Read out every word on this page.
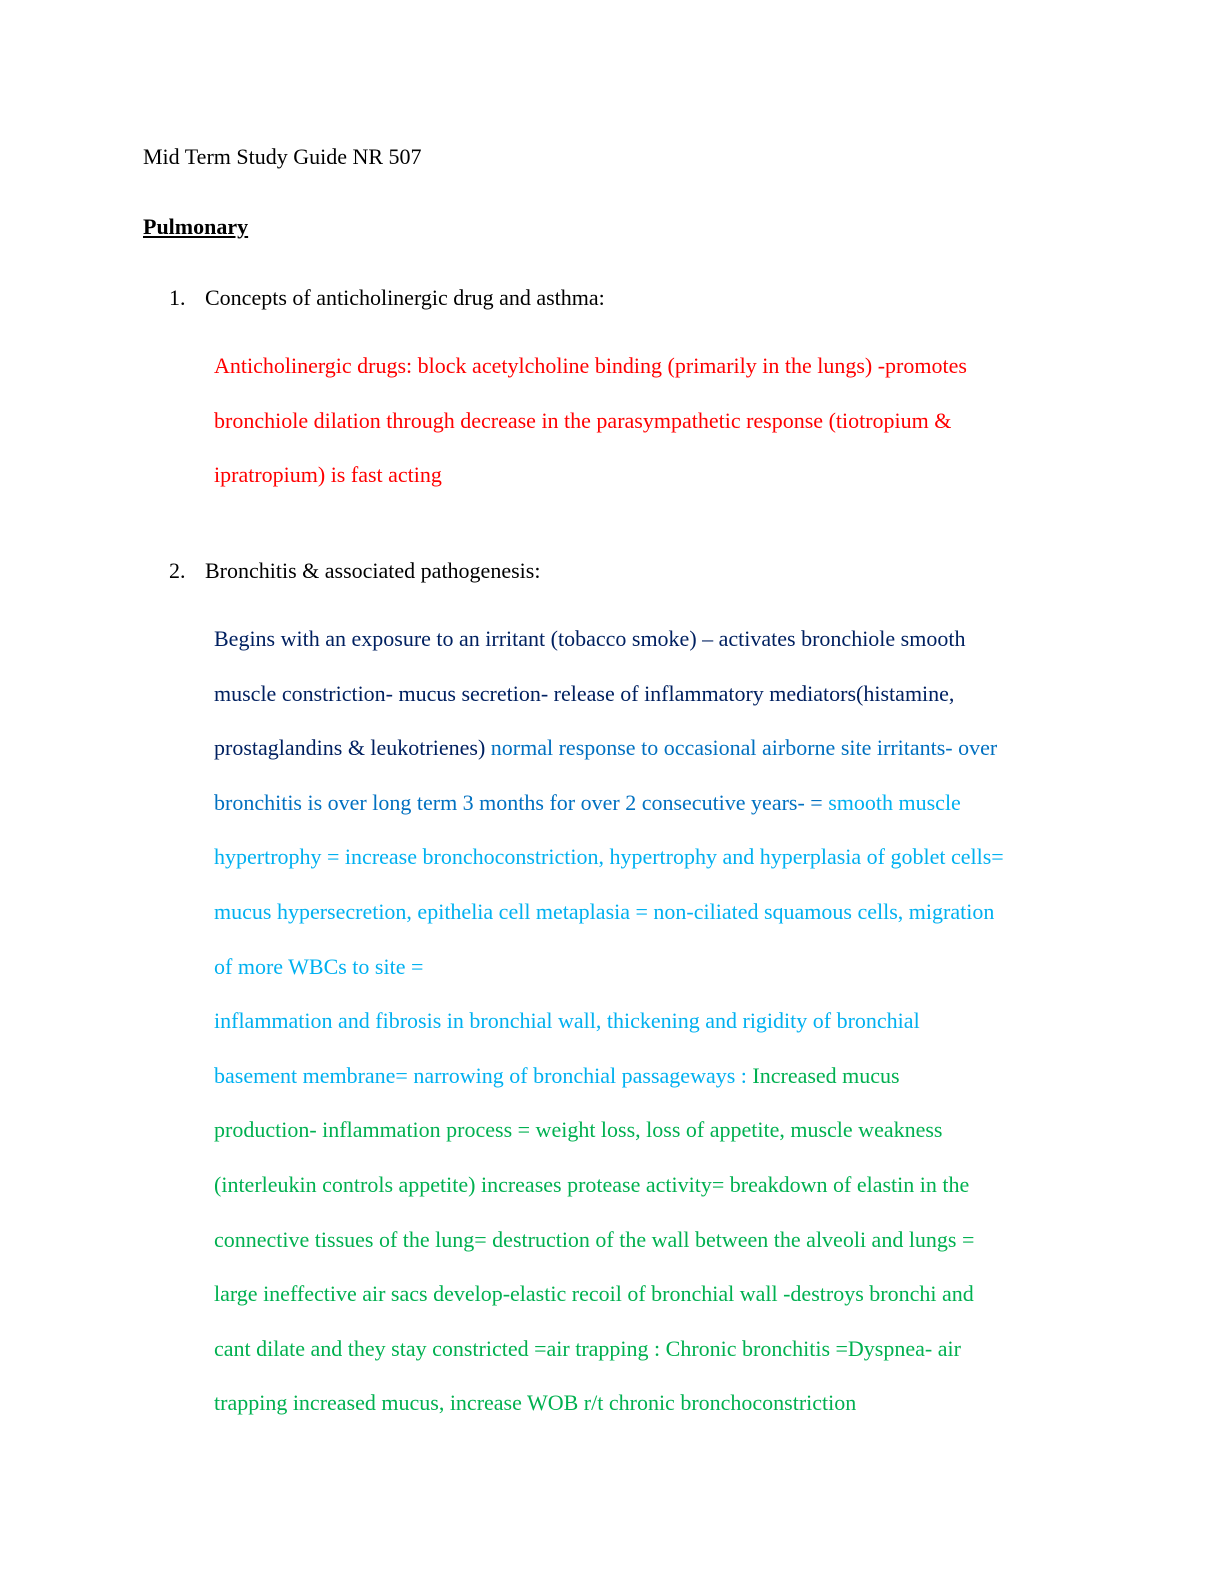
Mid Term Study Guide NR 507
Pulmonary
1. Concepts of anticholinergic drug and asthma:
Anticholinergic drugs: block acetylcholine binding (primarily in the lungs) -promotes
bronchiole dilation through decrease in the parasympathetic response (tiotropium &
ipratropium) is fast acting
2. Bronchitis & associated pathogenesis:
Begins with an exposure to an irritant (tobacco smoke) – activates bronchiole smooth
muscle constriction- mucus secretion- release of inflammatory mediators(histamine,
prostaglandins & leukotrienes) normal response to occasional airborne site irritants- over
bronchitis is over long term 3 months for over 2 consecutive years- = smooth muscle
hypertrophy = increase bronchoconstriction, hypertrophy and hyperplasia of goblet cells=
mucus hypersecretion, epithelia cell metaplasia = non-ciliated squamous cells, migration
of more WBCs to site =
inflammation and fibrosis in bronchial wall, thickening and rigidity of bronchial
basement membrane= narrowing of bronchial passageways : Increased mucus
production- inflammation process = weight loss, loss of appetite, muscle weakness
(interleukin controls appetite) increases protease activity= breakdown of elastin in the
connective tissues of the lung= destruction of the wall between the alveoli and lungs =
large ineffective air sacs develop-elastic recoil of bronchial wall -destroys bronchi and
cant dilate and they stay constricted =air trapping : Chronic bronchitis =Dyspnea- air
trapping increased mucus, increase WOB r/t chronic bronchoconstriction
